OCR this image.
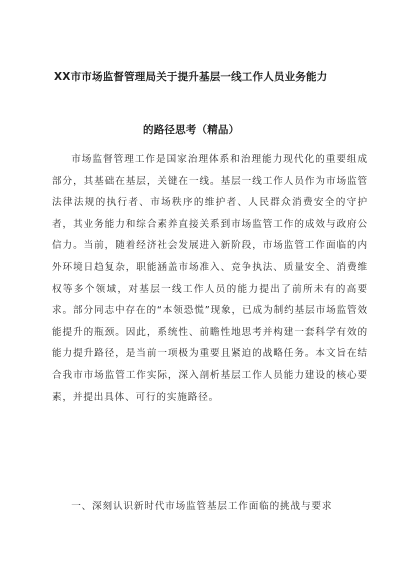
XX市市场监督管理局关于提升基层一线工作人员业务能力
的路径思考（精品）
市场监督管理工作是国家治理体系和治理能力现代化的重要组成部分，其基础在基层，关键在一线。基层一线工作人员作为市场监管法律法规的执行者、市场秩序的维护者、人民群众消费安全的守护者，其业务能力和综合素养直接关系到市场监管工作的成效与政府公信力。当前，随着经济社会发展进入新阶段，市场监管工作面临的内外环境日趋复杂，职能涵盖市场准入、竞争执法、质量安全、消费维权等多个领域，对基层一线工作人员的能力提出了前所未有的高要求。部分同志中存在的“本领恐慌”现象，已成为制约基层市场监管效能提升的瓶颈。因此，系统性、前瞻性地思考并构建一套科学有效的能力提升路径，是当前一项极为重要且紧迫的战略任务。本文旨在结合我市市场监管工作实际，深入剖析基层工作人员能力建设的核心要素，并提出具体、可行的实施路径。
一、深刻认识新时代市场监管基层工作面临的挑战与要求
